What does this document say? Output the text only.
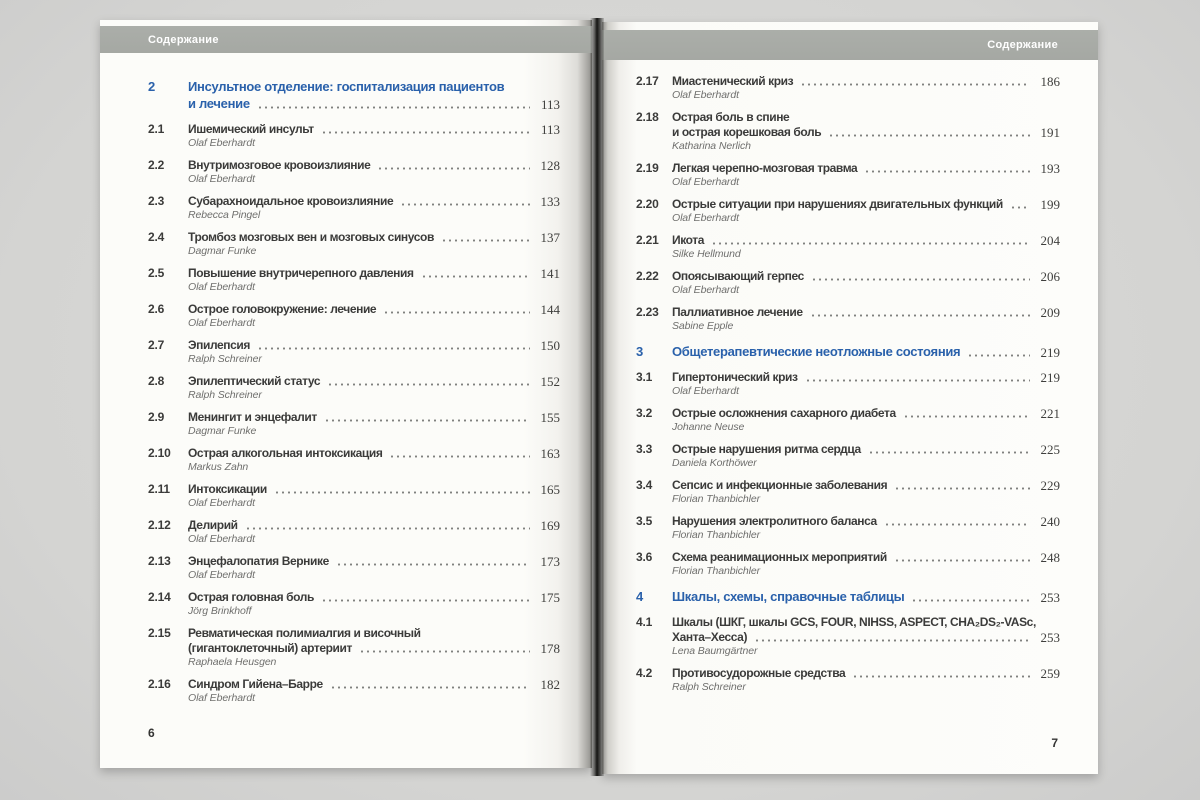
Содержание
2	Инсультное отделение: госпитализация пациентов
и лечение	113
2.1	Ишемический инсульт	113
Olaf Eberhardt
2.2	Внутримозговое кровоизлияние	128
Olaf Eberhardt
2.3	Субарахноидальное кровоизлияние	133
Rebecca Pingel
2.4	Тромбоз мозговых вен и мозговых синусов	137
Dagmar Funke
2.5	Повышение внутричерепного давления	141
Olaf Eberhardt
2.6	Острое головокружение: лечение	144
Olaf Eberhardt
2.7	Эпилепсия	150
Ralph Schreiner
2.8	Эпилептический статус	152
Ralph Schreiner
2.9	Менингит и энцефалит	155
Dagmar Funke
2.10	Острая алкогольная интоксикация	163
Markus Zahn
2.11	Интоксикации	165
Olaf Eberhardt
2.12	Делирий	169
Olaf Eberhardt
2.13	Энцефалопатия Вернике	173
Olaf Eberhardt
2.14	Острая головная боль	175
Jörg Brinkhoff
2.15	Ревматическая полимиалгия и височный
(гигантоклеточный) артериит	178
Raphaela Heusgen
2.16	Синдром Гийена–Барре	182
Olaf Eberhardt
6
Содержание
2.17	Миастенический криз	186
Olaf Eberhardt
2.18	Острая боль в спине
и острая корешковая боль	191
Katharina Nerlich
2.19	Легкая черепно-мозговая травма	193
Olaf Eberhardt
2.20	Острые ситуации при нарушениях двигательных функций	199
Olaf Eberhardt
2.21	Икота	204
Silke Hellmund
2.22	Опоясывающий герпес	206
Olaf Eberhardt
2.23	Паллиативное лечение	209
Sabine Epple
3	Общетерапевтические неотложные состояния	219
3.1	Гипертонический криз	219
Olaf Eberhardt
3.2	Острые осложнения сахарного диабета	221
Johanne Neuse
3.3	Острые нарушения ритма сердца	225
Daniela Korthöwer
3.4	Сепсис и инфекционные заболевания	229
Florian Thanbichler
3.5	Нарушения электролитного баланса	240
Florian Thanbichler
3.6	Схема реанимационных мероприятий	248
Florian Thanbichler
4	Шкалы, схемы, справочные таблицы	253
4.1	Шкалы (ШКГ, шкалы GCS, FOUR, NIHSS, ASPECT, CHA₂DS₂-VASc,
Ханта–Хесса)	253
Lena Baumgärtner
4.2	Противосудорожные средства	259
Ralph Schreiner
7
